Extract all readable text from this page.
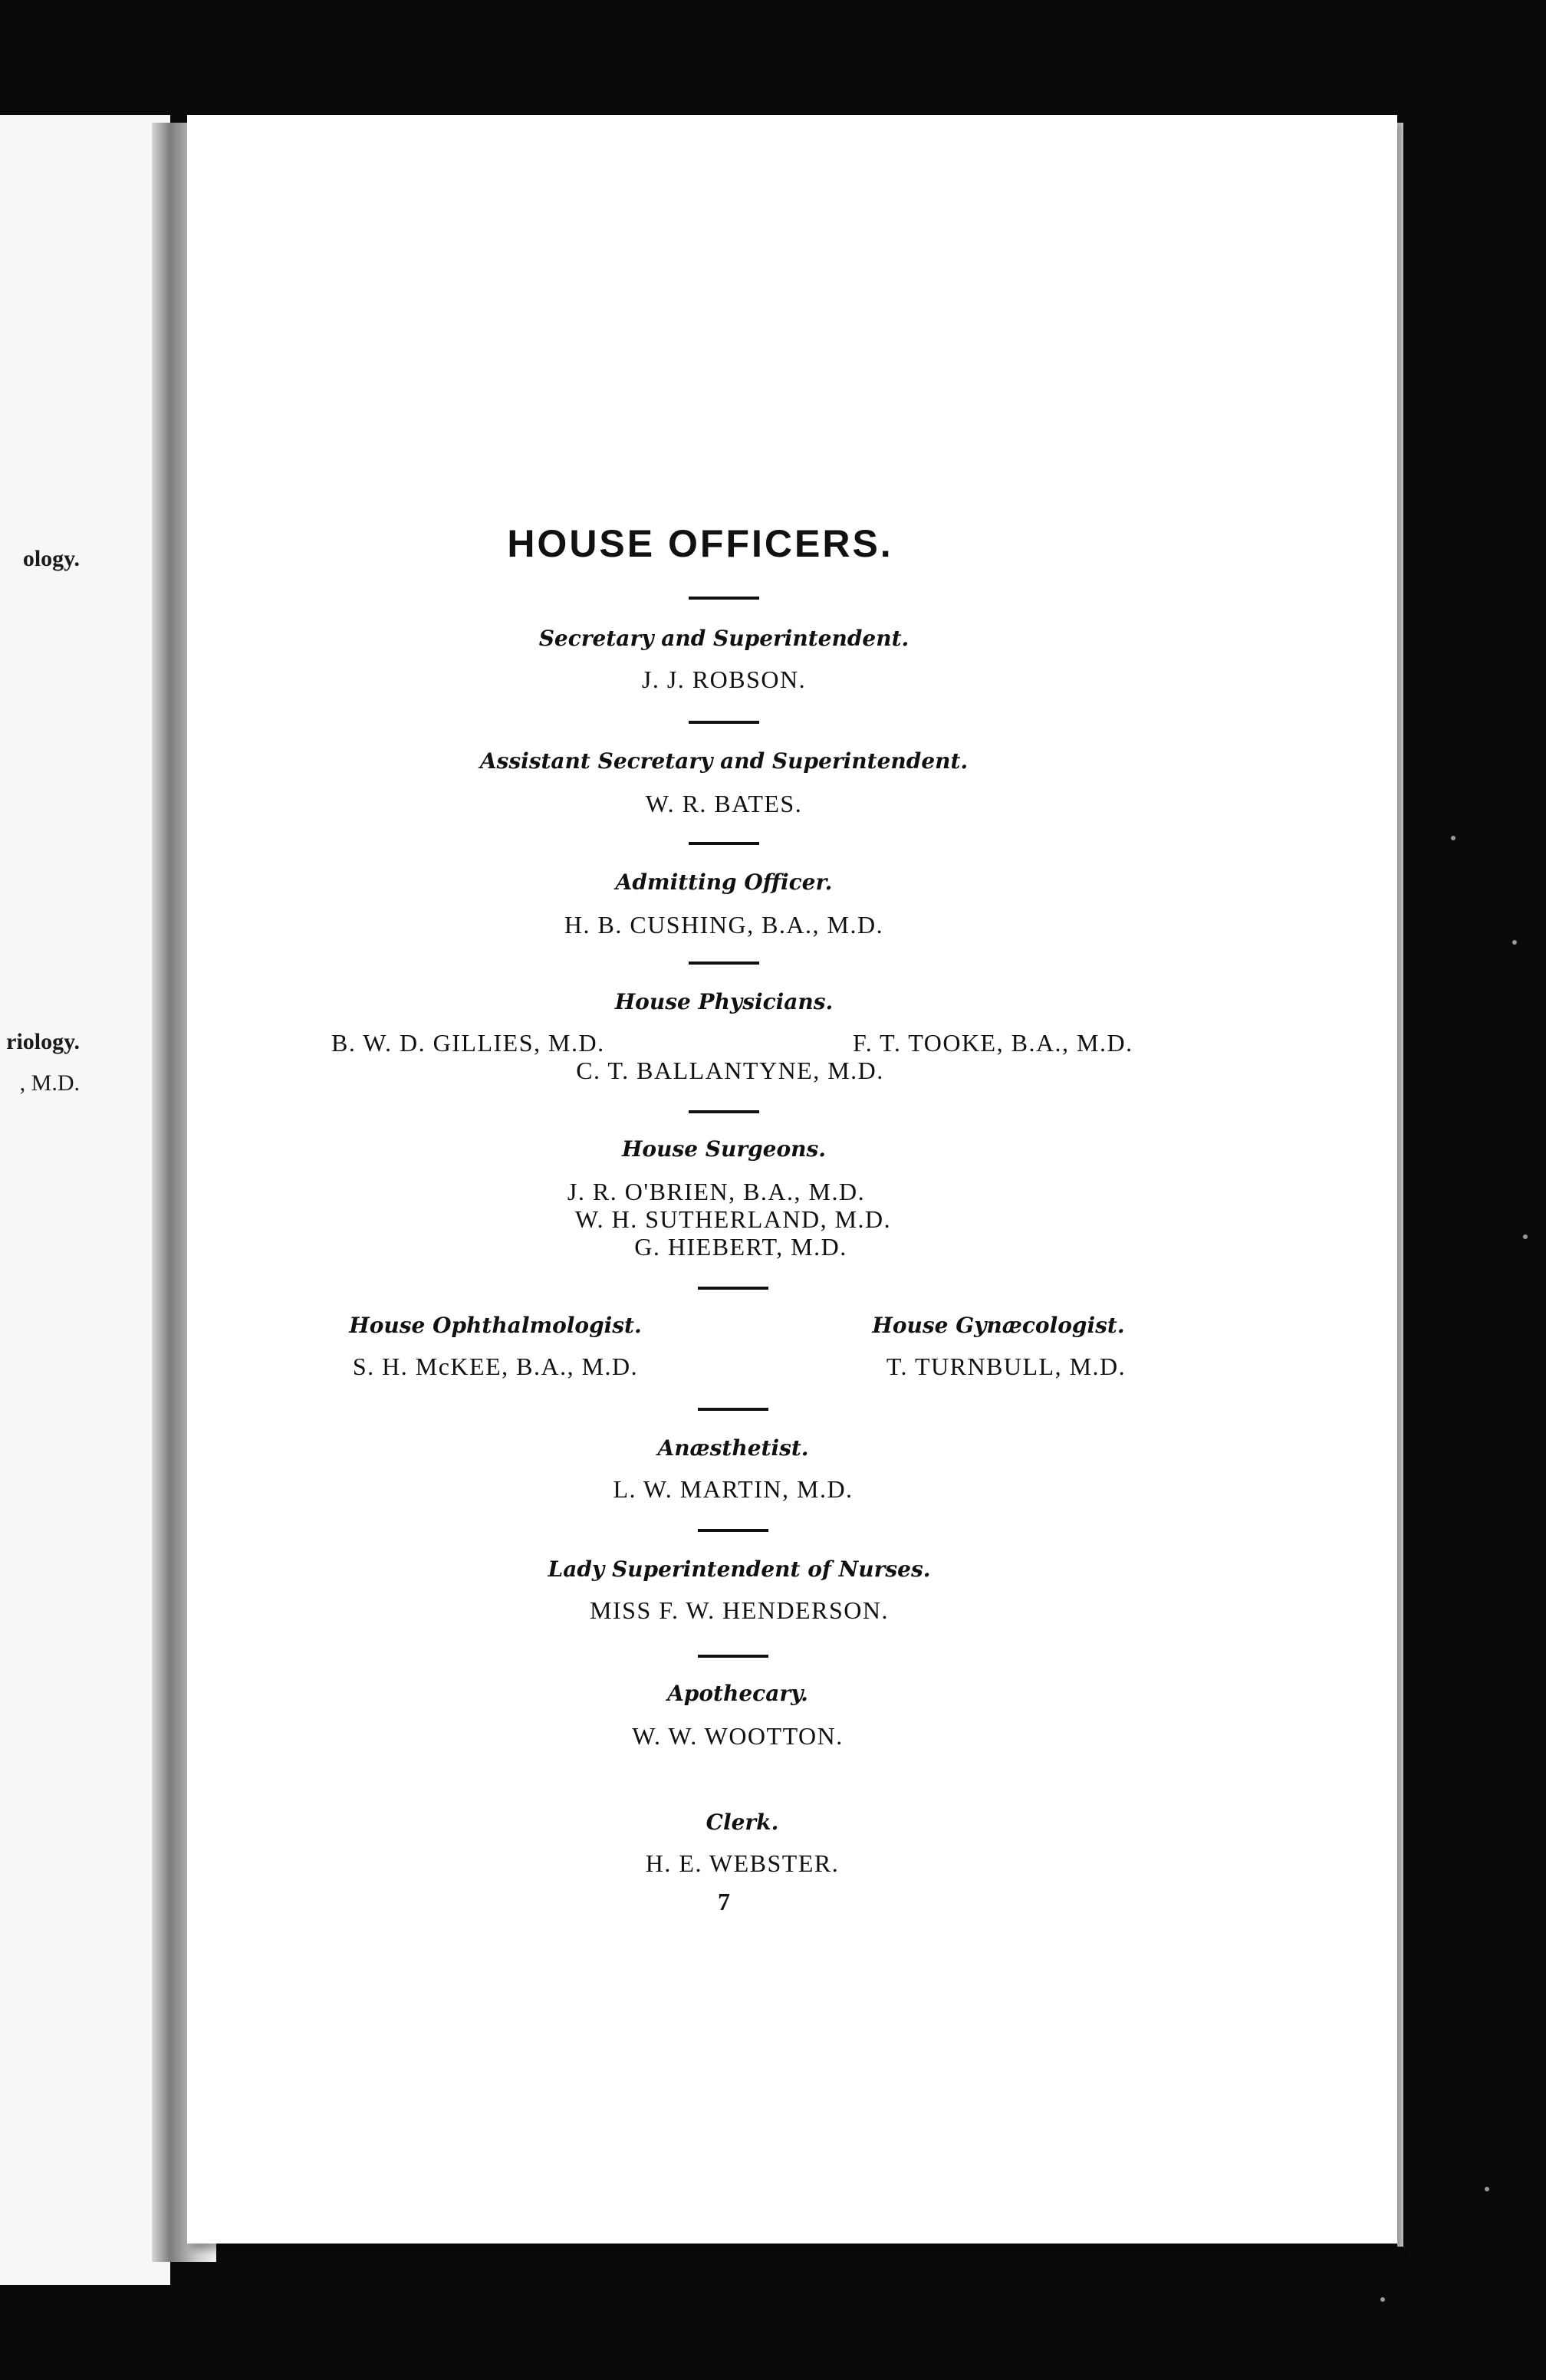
ology.
riology.
, M.D.
HOUSE OFFICERS.
Secretary and Superintendent.
J. J. ROBSON.
Assistant Secretary and Superintendent.
W. R. BATES.
Admitting Officer.
H. B. CUSHING, B.A., M.D.
House Physicians.
B. W. D. GILLIES, M.D.	F. T. TOOKE, B.A., M.D.
C. T. BALLANTYNE, M.D.
House Surgeons.
J. R. O'BRIEN, B.A., M.D.
W. H. SUTHERLAND, M.D.
G. HIEBERT, M.D.
House Ophthalmologist.
S. H. McKEE, B.A., M.D.
House Gynæcologist.
T. TURNBULL, M.D.
Anæsthetist.
L. W. MARTIN, M.D.
Lady Superintendent of Nurses.
MISS F. W. HENDERSON.
Apothecary.
W. W. WOOTTON.
Clerk.
H. E. WEBSTER.
7
